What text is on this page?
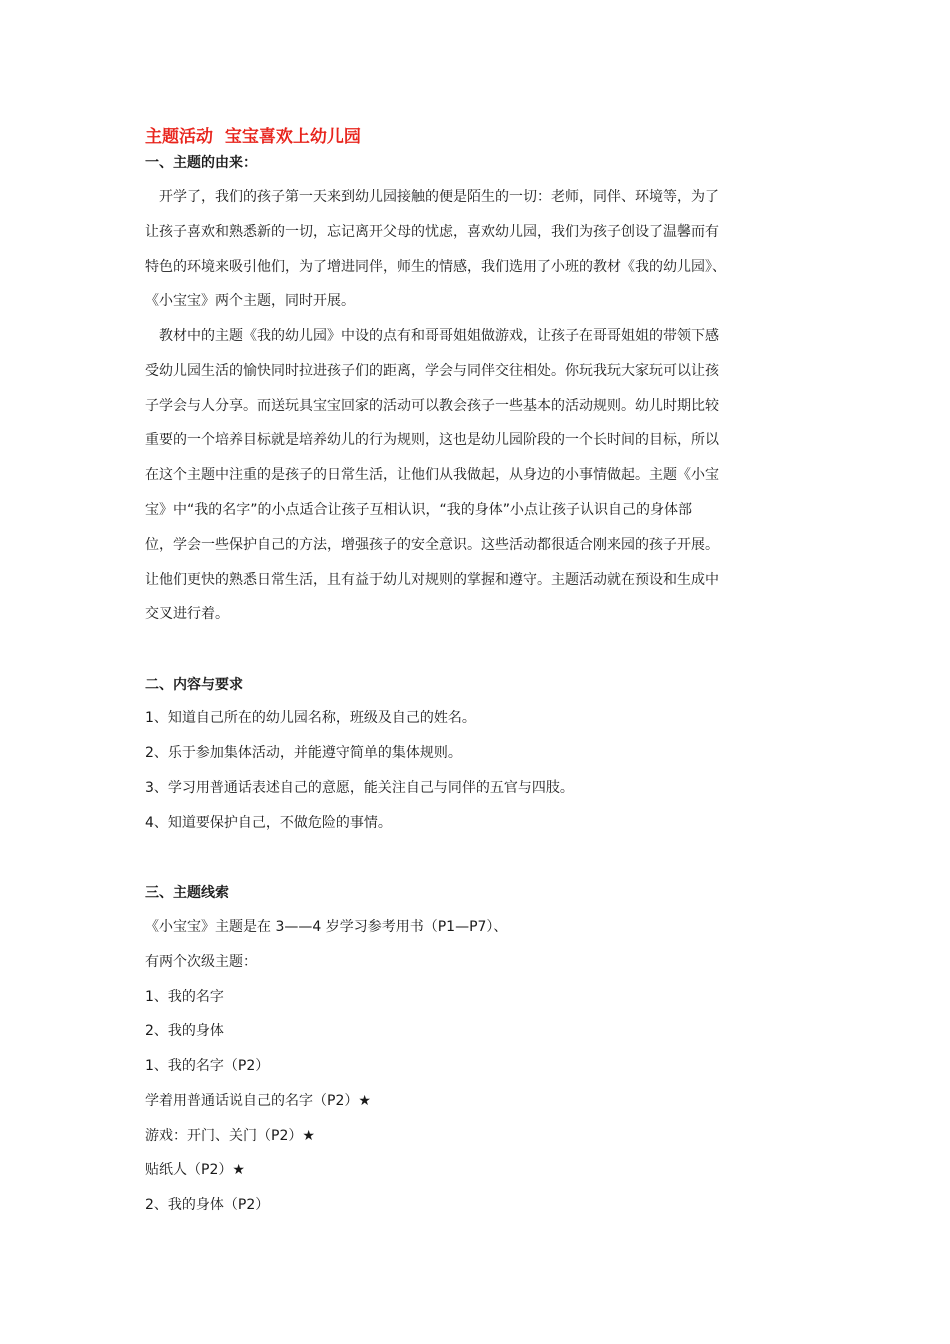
主题活动  宝宝喜欢上幼儿园
一、主题的由来：
　开学了，我们的孩子第一天来到幼儿园接触的便是陌生的一切：老师，同伴、环境等，为了
让孩子喜欢和熟悉新的一切，忘记离开父母的忧虑，喜欢幼儿园，我们为孩子创设了温馨而有
特色的环境来吸引他们，为了增进同伴，师生的情感，我们选用了小班的教材《我的幼儿园》、
《小宝宝》两个主题，同时开展。
　教材中的主题《我的幼儿园》中设的点有和哥哥姐姐做游戏，让孩子在哥哥姐姐的带领下感
受幼儿园生活的愉快同时拉进孩子们的距离，学会与同伴交往相处。你玩我玩大家玩可以让孩
子学会与人分享。而送玩具宝宝回家的活动可以教会孩子一些基本的活动规则。幼儿时期比较
重要的一个培养目标就是培养幼儿的行为规则，这也是幼儿园阶段的一个长时间的目标，所以
在这个主题中注重的是孩子的日常生活，让他们从我做起，从身边的小事情做起。主题《小宝
宝》中“我的名字”的小点适合让孩子互相认识，“我的身体”小点让孩子认识自己的身体部
位，学会一些保护自己的方法，增强孩子的安全意识。这些活动都很适合刚来园的孩子开展。
让他们更快的熟悉日常生活，且有益于幼儿对规则的掌握和遵守。主题活动就在预设和生成中
交叉进行着。
二、内容与要求
1、知道自己所在的幼儿园名称，班级及自己的姓名。
2、乐于参加集体活动，并能遵守简单的集体规则。
3、学习用普通话表述自己的意愿，能关注自己与同伴的五官与四肢。
4、知道要保护自己，不做危险的事情。
三、主题线索
《小宝宝》主题是在 3——4 岁学习参考用书（P1—P7）、
有两个次级主题：
1、我的名字
2、我的身体
1、我的名字（P2）
学着用普通话说自己的名字（P2）★
游戏：开门、关门（P2）★
贴纸人（P2）★
2、我的身体（P2）
